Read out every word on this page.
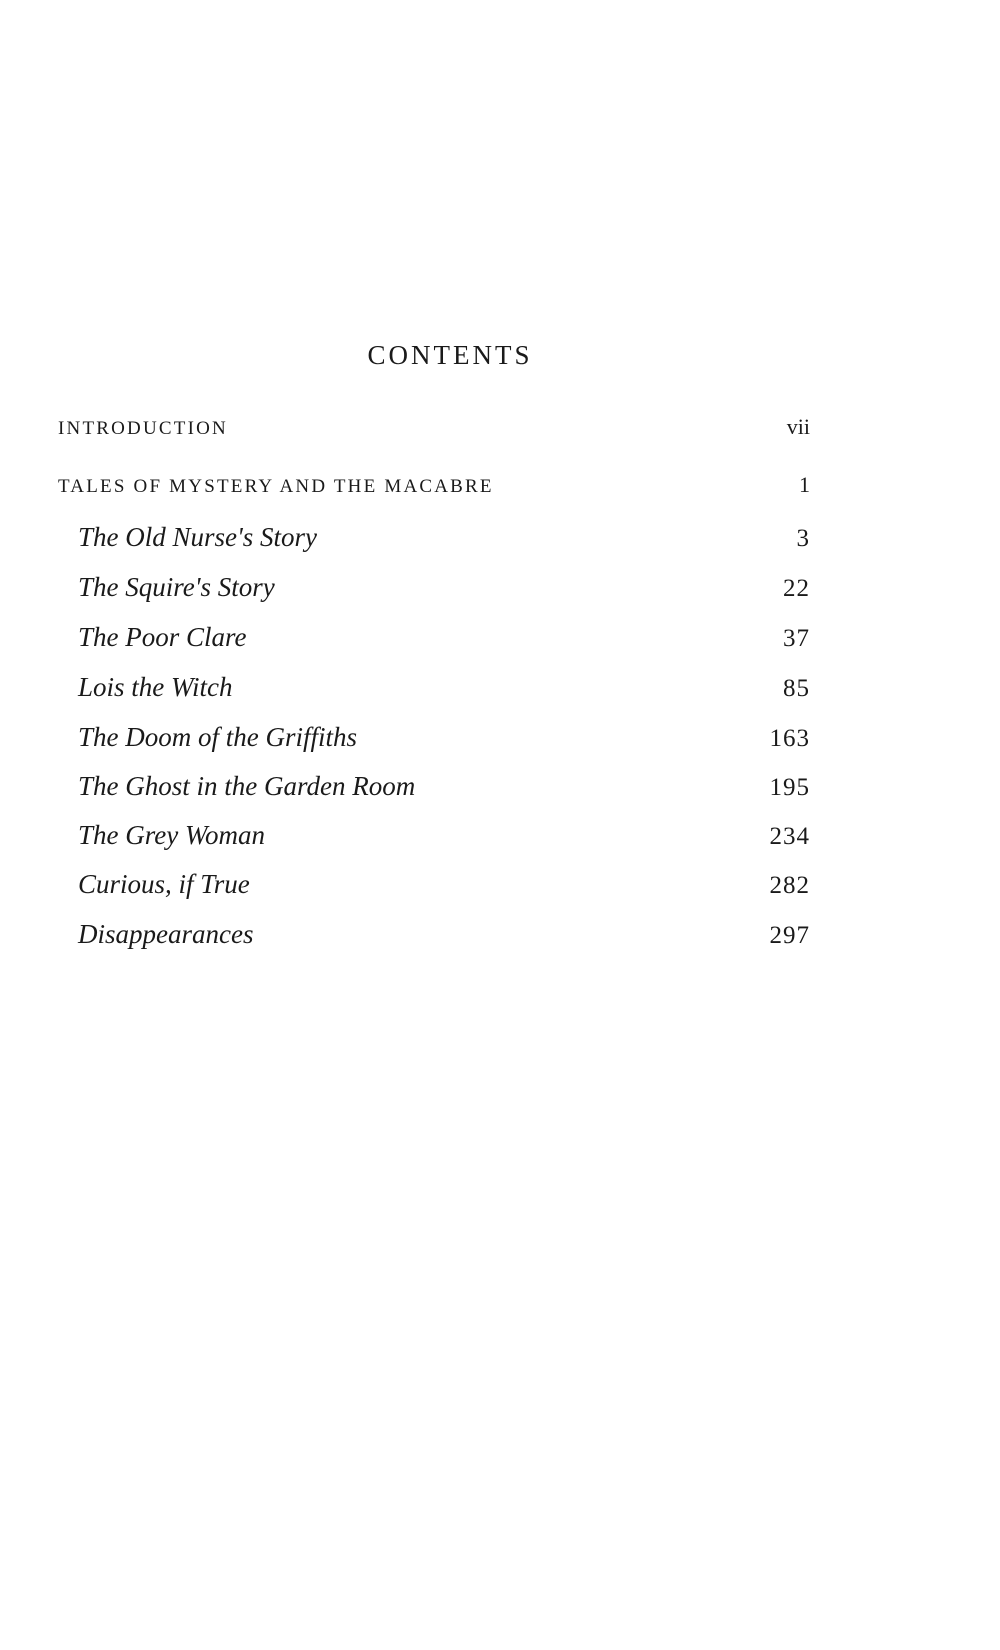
CONTENTS
INTRODUCTION	vii
TALES OF MYSTERY AND THE MACABRE	1
The Old Nurse's Story	3
The Squire's Story	22
The Poor Clare	37
Lois the Witch	85
The Doom of the Griffiths	163
The Ghost in the Garden Room	195
The Grey Woman	234
Curious, if True	282
Disappearances	297
